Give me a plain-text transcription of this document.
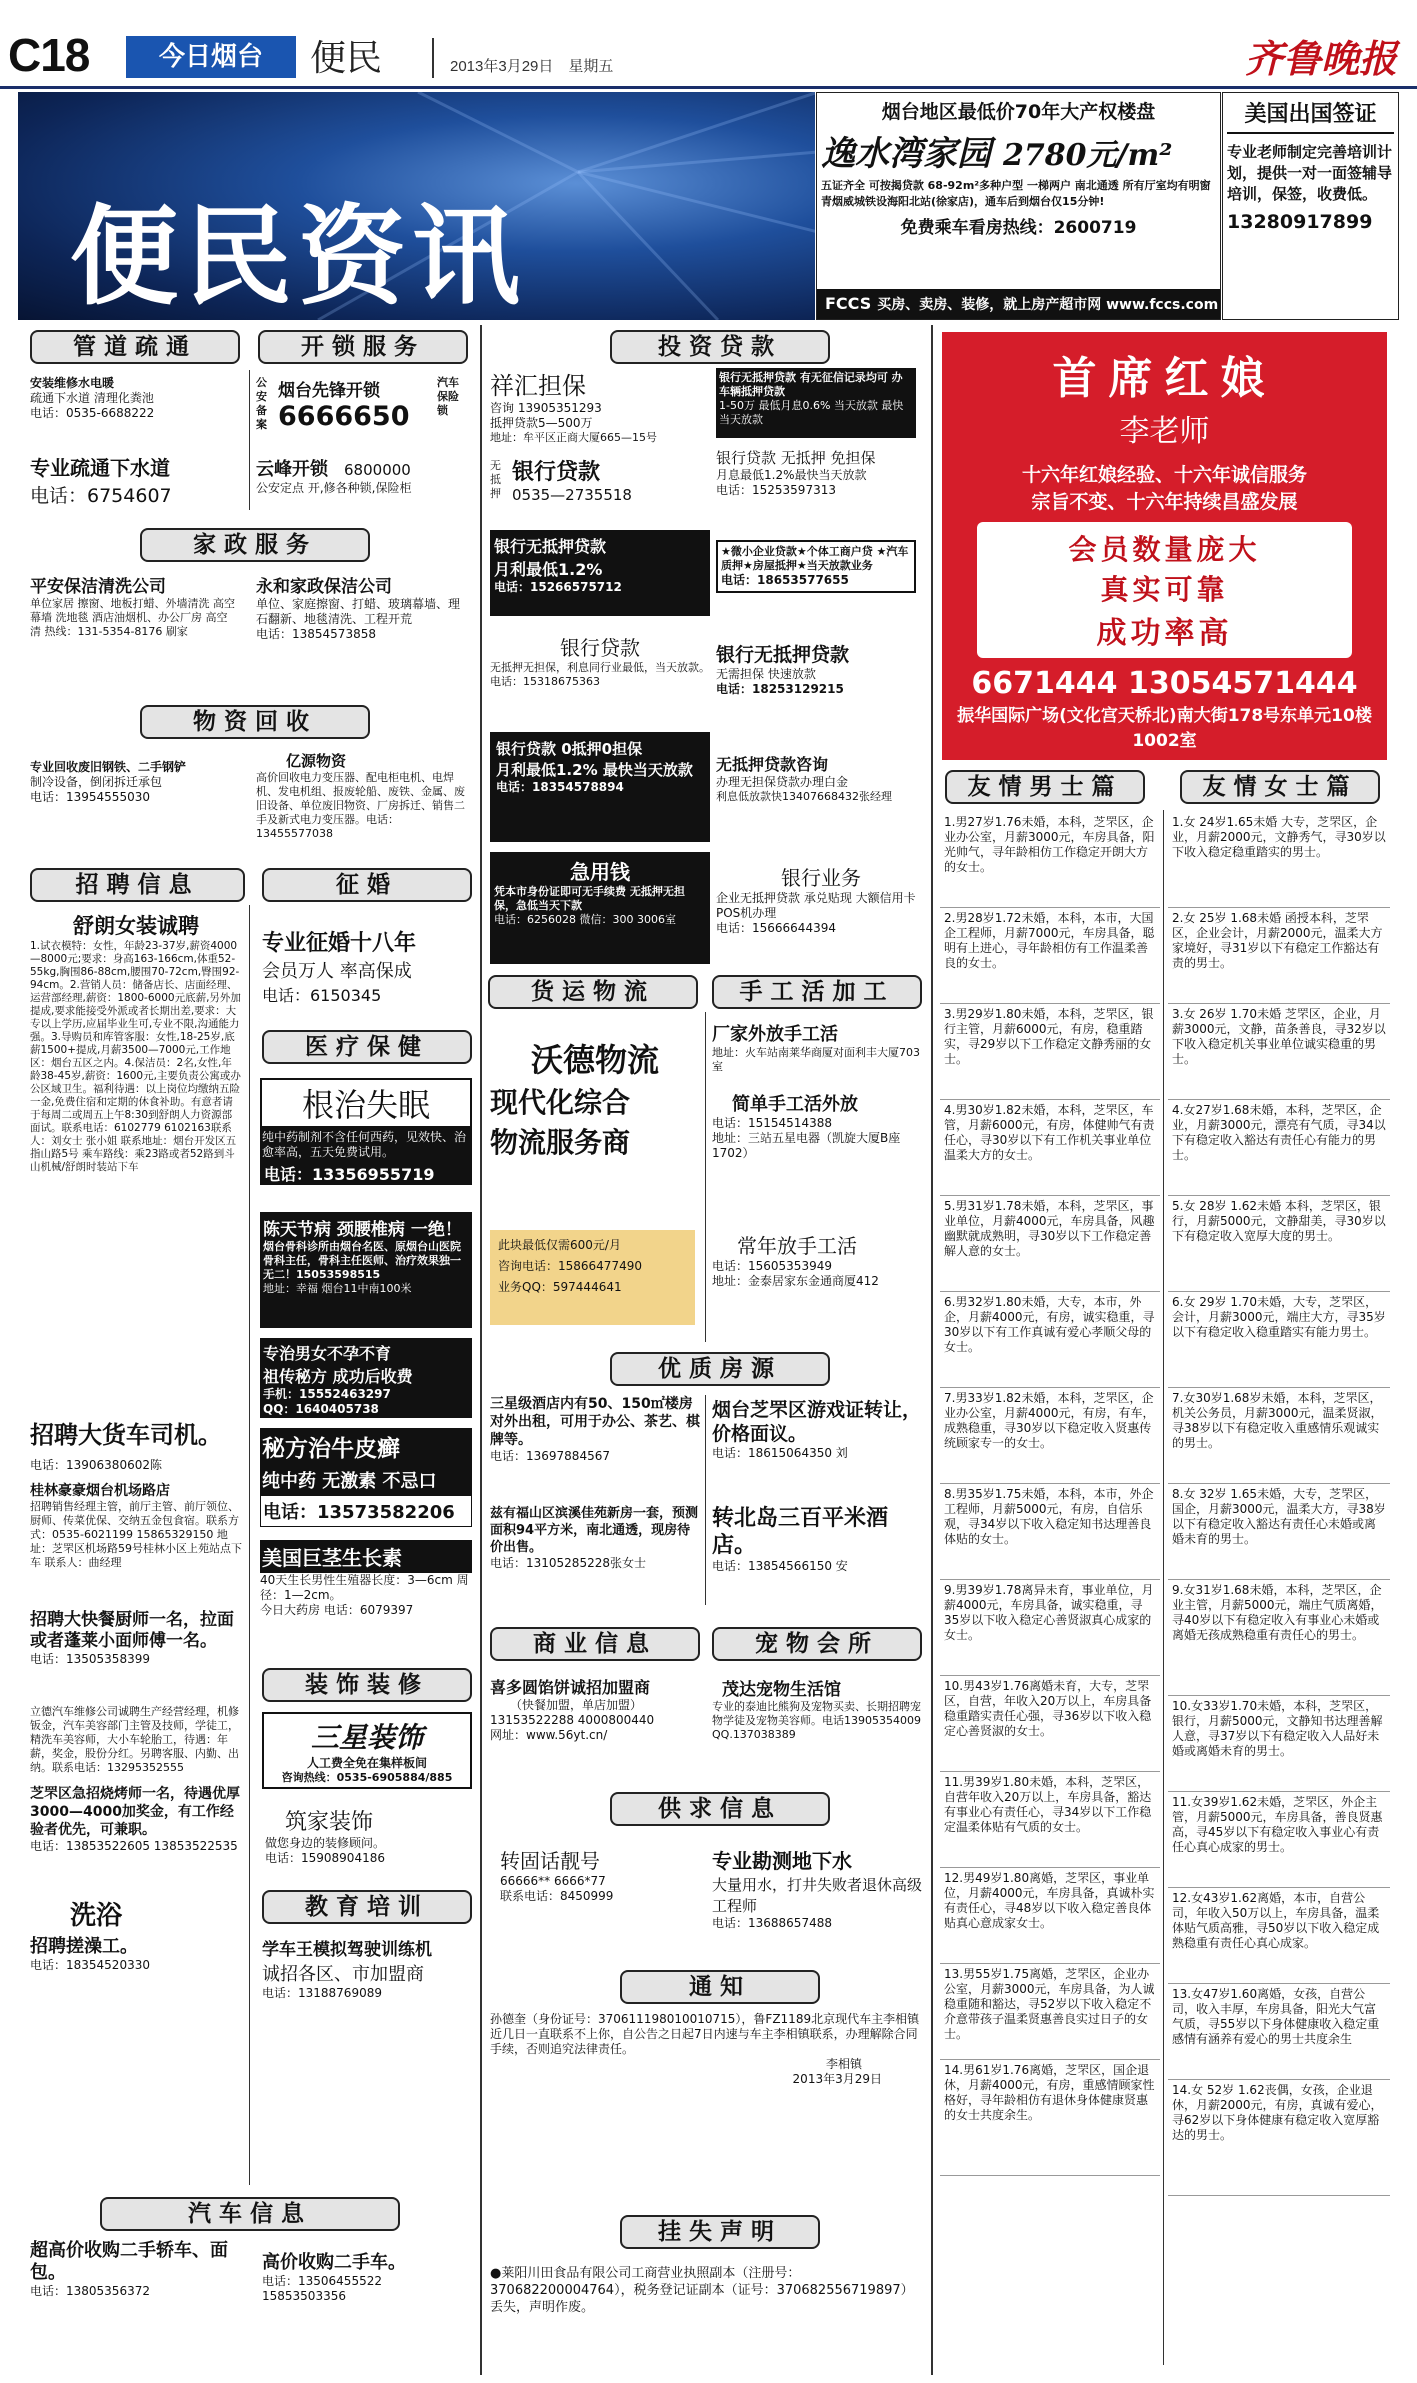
C18	今日烟台	便民	2013年3月29日　星期五	齐鲁晚报
便民资讯
烟台地区最低价70年大产权楼盘
逸水湾家园 2780元/m²
五证齐全 可按揭贷款 68-92m²多种户型 一梯两户 南北通透 所有厅室均有明窗
青烟威城铁设海阳北站(徐家店)，通车后到烟台仅15分钟!
免费乘车看房热线：2600719
FCCS 买房、卖房、装修，就上房产超市网 www.fccs.com
美国出国签证
专业老师制定完善培训计划，提供一对一面签辅导培训，保签，收费低。
13280917899
管道疏通	开锁服务
安装维修水电暖
疏通下水道 清理化粪池
电话：0535-6688222
专业疏通下水道
电话：6754607
公安备案
烟台先锋开锁
6666650
汽车保险锁
云峰开锁　 6800000
公安定点 开,修各种锁,保险柜
家政服务
平安保洁清洗公司
单位家居 擦窗、地板打蜡、外墙清洗 高空幕墙 洗地毯 酒店油烟机、办公厂房 高空清 热线：131-5354-8176 刷家
永和家政保洁公司
单位、家庭擦窗、打蜡、玻璃幕墙、理石翻新、地毯清洗、工程开荒
电话：13854573858
物资回收
专业回收废旧钢铁、二手钢铲
制冷设备，倒闭拆迁承包
电话：13954555030
亿源物资
高价回收电力变压器、配电柜电机、电焊机、发电机组、报废轮船、废铁、金属、废旧设备、单位废旧物资、厂房拆迁、销售二手及新式电力变压器。电话：13455577038
招聘信息	征婚
舒朗女装诚聘
1.试衣模特：女性，年龄23-37岁,薪资4000—8000元;要求：身高163-166cm,体重52-55kg,胸围86-88cm,腰围70-72cm,臀围92-94cm。2.营销人员：储备店长、店面经理、运营部经理,薪资：1800-6000元底薪,另外加提成,要求能接受外派或者长期出差,要求：大专以上学历,应届毕业生可,专业不限,沟通能力强。3.导购员和库管客服：女性,18-25岁,底薪1500+提成,月薪3500—7000元,工作地区：烟台五区之内。4.保洁员：2名,女性,年龄38-45岁,薪资：1600元,主要负责公寓或办公区域卫生。福利待遇：以上岗位均缴纳五险一金,免费住宿和定期的休食补助。有意者请于每周二或周五上午8:30到舒朗人力资源部面试。联系电话：6102779 6102163联系人：刘女士 张小姐 联系地址：烟台开发区五指山路5号 乘车路线：乘23路或者52路到斗山机械/舒朗时装站下车
专业征婚十八年
会员万人 率高保成
电话：6150345
医疗保健
根治失眠
纯中药制剂不含任何西药，见效快、治愈率高，五天免费试用。
电话：13356955719
陈天节病 颈腰椎病 一绝！
烟台骨科诊所由烟台名医、原烟台山医院骨科主任，骨科主任医师、治疗效果独一无二！15053598515
地址：幸福 烟台11中南100米
专治男女不孕不育
祖传秘方 成功后收费
手机：15552463297
QQ：1640405738
秘方治牛皮癣
纯中药 无激素 不忌口
电话：13573582206
美国巨茎生长素
40天生长男性生殖器长度：3—6cm 周径：1—2cm。
今日大药房 电话：6079397
招聘大货车司机。
电话：13906380602陈
桂林豪豪烟台机场路店
招聘销售经理主管，前厅主管、前厅领位、厨师、传菜优保、交纳五金包食宿。联系方式：0535-6021199 15865329150 地址：芝罘区机场路59号桂林小区上苑站点下车 联系人：曲经理
招聘大快餐厨师一名，拉面或者蓬莱小面师傅一名。
电话：13505358399
立德汽车维修公司诚聘生产经营经理，机修钣金，汽车美容部门主管及技师，学徒工，精洗车美容师，大小车轮胎工，待遇：年薪，奖金，股份分红。另聘客服、内勤、出纳。联系电话：13295352555
芝罘区急招烧烤师一名，待遇优厚3000—4000加奖金，有工作经验者优先，可兼职。
电话：13853522605 13853522535
洗浴
招聘搓澡工。
电话：18354520330
装饰装修
三星装饰
人工费全免在集样板间
咨询热线：0535-6905884/885
筑家装饰
做您身边的装修顾问。
电话：15908904186
教育培训
学车王模拟驾驶训练机
诚招各区、市加盟商
电话：13188769089
汽车信息
超高价收购二手轿车、面包。
电话：13805356372
高价收购二手车。
电话：13506455522
15853503356
投资贷款
祥汇担保
咨询 13905351293
抵押贷款5—500万
地址：牟平区正商大厦665—15号
无抵押
银行贷款
0535—2735518
银行无抵押贷款 有无征信记录均可 办车辆抵押贷款
1-50万 最低月息0.6% 当天放款 最快当天放款
银行贷款 无抵押 免担保
月息最低1.2%最快当天放款
电话：15253597313
银行无抵押贷款
月利最低1.2%
电话：15266575712
★微小企业贷款★个体工商户贷 ★汽车质押★房屋抵押★当天放款业务
电话：18653577655
银行贷款
无抵押无担保，利息同行业最低，当天放款。电话：15318675363
银行无抵押贷款
无需担保 快速放款
电话：18253129215
银行贷款 0抵押0担保
月利最低1.2% 最快当天放款
电话：18354578894
无抵押贷款咨询
办理无担保贷款办理白金
利息低放款快13407668432张经理
急用钱
凭本市身份证即可无手续费 无抵押无担保，急低当天下款
电话：6256028 微信：300 3006室
银行业务
企业无抵押贷款 承兑贴现 大额信用卡 POS机办理
电话：15666644394
货运物流	手工活加工
沃德物流
现代化综合
物流服务商
此块最低仅需600元/月
咨询电话：15866477490
业务QQ：597444641
厂家外放手工活
地址：火车站南莱华商厦对面利丰大厦703室
简单手工活外放
电话：15154514388
地址：三站五星电器（凯旋大厦B座1702）
常年放手工活
电话：15605353949
地址：金泰居家东金通商厦412
优质房源
三星级酒店内有50、150㎡楼房对外出租，可用于办公、茶艺、棋牌等。
电话：13697884567
烟台芝罘区游戏证转让，价格面议。
电话：18615064350 刘
兹有福山区滨溪佳苑新房一套，预测面积94平方米，南北通透，现房待价出售。
电话：13105285228张女士
转北岛三百平米酒店。
电话：13854566150 安
商业信息	宠物会所
喜多圆馅饼诚招加盟商
（快餐加盟，单店加盟）
13153522288 4000800440
网址：www.56yt.cn/
茂达宠物生活馆
专业的泰迪比熊狗及宠物买卖、长期招聘宠物学徒及宠物美容师。电话13905354009 QQ.137038389
供求信息
转固话靓号
66666** 6666*77
联系电话：8450999
专业勘测地下水
大量用水，打井失败者退休高级工程师
电话：13688657488
通知
孙德奎（身份证号：370611198010010715），鲁FZ1189北京现代车主李相镇近几日一直联系不上你，自公告之日起7日内速与车主李相镇联系，办理解除合同手续，否则追究法律责任。
李相镇
2013年3月29日
挂失声明
●莱阳川田食品有限公司工商营业执照副本（注册号：370682200004764），税务登记证副本（证号：370682556719897）丢失，声明作废。
首席红娘
李老师
十六年红娘经验、十六年诚信服务
宗旨不变、十六年持续昌盛发展
会员数量庞大
真实可靠
成功率高
6671444 13054571444
振华国际广场(文化宫天桥北)南大街178号东单元10楼1002室
友情男士篇	友情女士篇
1.男27岁1.76未婚，本科，芝罘区，企业办公室，月薪3000元，车房具备，阳光帅气，寻年龄相仿工作稳定开朗大方的女士。
2.男28岁1.72未婚，本科，本市，大国企工程师，月薪7000元，车房具备，聪明有上进心，寻年龄相仿有工作温柔善良的女士。
3.男29岁1.80未婚，本科，芝罘区，银行主管，月薪6000元，有房，稳重踏实，寻29岁以下工作稳定文静秀丽的女士。
4.男30岁1.82未婚，本科，芝罘区，车管，月薪6000元，有房，体健帅气有责任心，寻30岁以下有工作机关事业单位温柔大方的女士。
5.男31岁1.78未婚，本科，芝罘区，事业单位，月薪4000元，车房具备，风趣幽默就成熟明，寻30岁以下工作稳定善解人意的女士。
6.男32岁1.80未婚，大专，本市，外企，月薪4000元，有房，诚实稳重，寻30岁以下有工作真诚有爱心孝顺父母的女士。
7.男33岁1.82未婚，本科，芝罘区，企业办公室，月薪4000元，有房，有车，成熟稳重，寻30岁以下稳定收入贤惠传统顾家专一的女士。
8.男35岁1.75未婚，本科，本市，外企工程师，月薪5000元，有房，自信乐观，寻34岁以下收入稳定知书达理善良体贴的女士。
9.男39岁1.78离异未育，事业单位，月薪4000元，车房具备，诚实稳重，寻35岁以下收入稳定心善贤淑真心成家的女士。
10.男43岁1.76离婚未育，大专，芝罘区，自营，年收入20万以上，车房具备稳重踏实责任心强，寻36岁以下收入稳定心善贤淑的女士。
11.男39岁1.80未婚，本科，芝罘区，自营年收入20万以上，车房具备，豁达有事业心有责任心，寻34岁以下工作稳定温柔体贴有气质的女士。
12.男49岁1.80离婚，芝罘区，事业单位，月薪4000元，车房具备，真诚朴实有责任心，寻48岁以下收入稳定善良体贴真心意成家女士。
13.男55岁1.75离婚，芝罘区，企业办公室，月薪3000元，车房具备，为人诚稳重随和豁达，寻52岁以下收入稳定不介意带孩子温柔贤惠善良实过日子的女士。
14.男61岁1.76离婚，芝罘区，国企退休，月薪4000元，有房，重感情顾家性格好，寻年龄相仿有退休身体健康贤惠的女士共度余生。
1.女 24岁1.65未婚 大专，芝罘区，企业，月薪2000元，文静秀气，寻30岁以下收入稳定稳重踏实的男士。
2.女 25岁 1.68未婚 函授本科，芝罘区，企业会计，月薪2000元，温柔大方家境好，寻31岁以下有稳定工作豁达有责的男士。
3.女 26岁 1.70未婚 芝罘区，企业，月薪3000元，文静，苗条善良，寻32岁以下收入稳定机关事业单位诚实稳重的男士。
4.女27岁1.68未婚，本科，芝罘区，企业，月薪3000元，漂亮有气质，寻34以下有稳定收入豁达有责任心有能力的男士。
5.女 28岁 1.62未婚 本科，芝罘区，银行，月薪5000元，文静甜美，寻30岁以下有稳定收入宽厚大度的男士。
6.女 29岁 1.70未婚，大专，芝罘区，会计，月薪3000元，端庄大方，寻35岁以下有稳定收入稳重踏实有能力男士。
7.女30岁1.68岁未婚，本科，芝罘区，机关公务员，月薪3000元，温柔贤淑，寻38岁以下有稳定收入重感情乐观诚实的男士。
8.女 32岁 1.65未婚，大专，芝罘区，国企，月薪3000元，温柔大方，寻38岁以下有稳定收入豁达有责任心未婚或离婚未育的男士。
9.女31岁1.68未婚，本科，芝罘区，企业主管，月薪5000元，端庄气质离婚，寻40岁以下有稳定收入有事业心未婚或离婚无孩成熟稳重有责任心的男士。
10.女33岁1.70未婚，本科，芝罘区，银行，月薪5000元，文静知书达理善解人意，寻37岁以下有稳定收入人品好未婚或离婚未育的男士。
11.女39岁1.62未婚，芝罘区，外企主管，月薪5000元，车房具备，善良贤惠高，寻45岁以下有稳定收入事业心有责任心真心成家的男士。
12.女43岁1.62离婚，本市，自营公司，年收入50万以上，车房具备，温柔体贴气质高雅，寻50岁以下收入稳定成熟稳重有责任心真心成家。
13.女47岁1.60离婚，女孩，自营公司，收入丰厚，车房具备，阳光大气富气质，寻55岁以下身体健康收入稳定重感情有涵养有爱心的男士共度余生
14.女 52岁 1.62丧偶，女孩，企业退休，月薪2000元，有房，真诚有爱心，寻62岁以下身体健康有稳定收入宽厚豁达的男士。
